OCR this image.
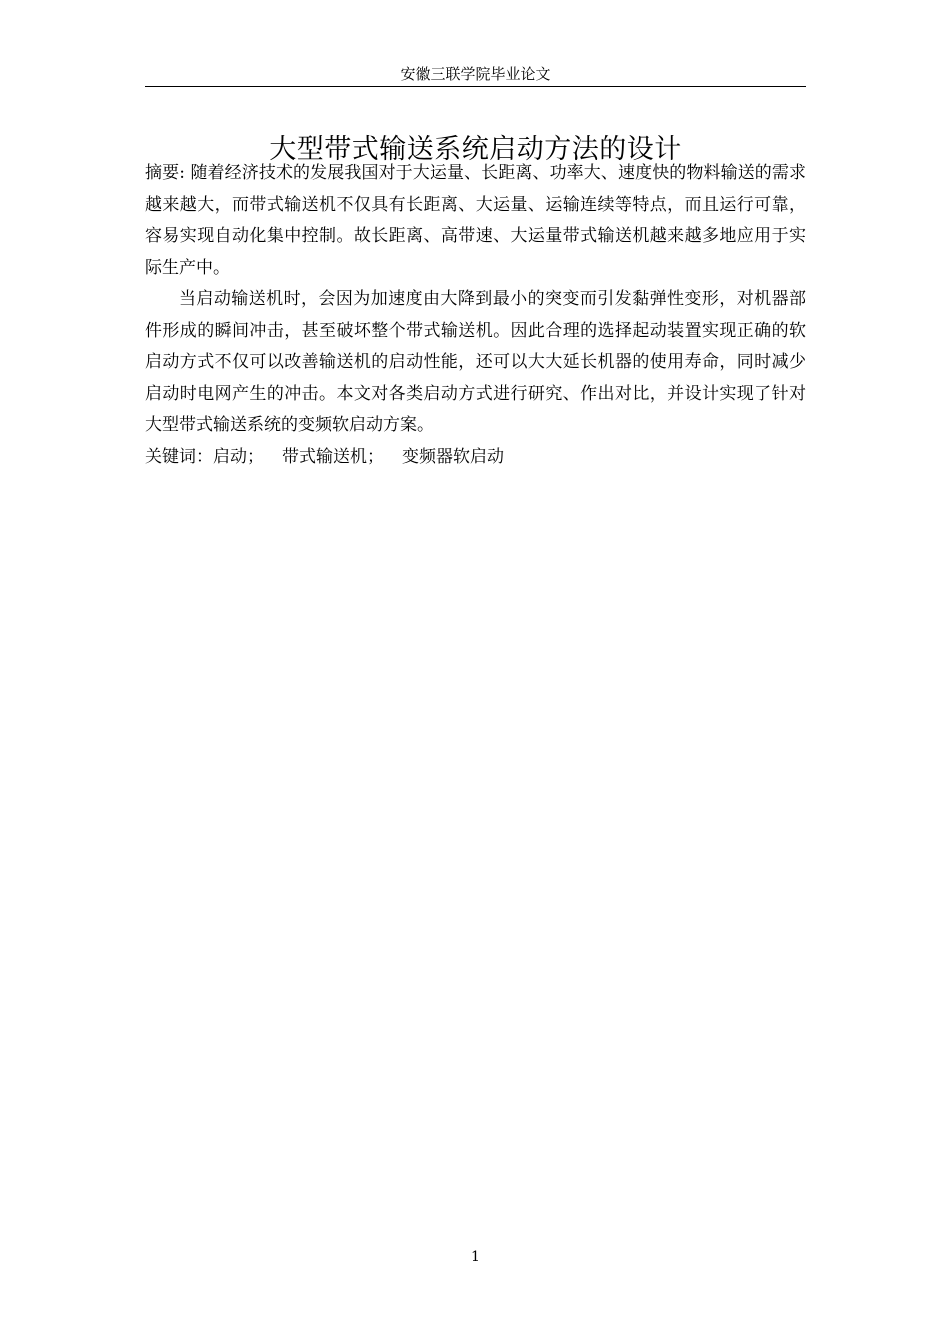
安徽三联学院毕业论文
大型带式输送系统启动方法的设计

摘要: 随着经济技术的发展我国对于大运量、长距离、功率大、速度快的物料输送的需求越来越大，而带式输送机不仅具有长距离、大运量、运输连续等特点，而且运行可靠，容易实现自动化集中控制。故长距离、高带速、大运量带式输送机越来越多地应用于实际生产中。

当启动输送机时，会因为加速度由大降到最小的突变而引发黏弹性变形，对机器部件形成的瞬间冲击，甚至破坏整个带式输送机。因此合理的选择起动装置实现正确的软启动方式不仅可以改善输送机的启动性能，还可以大大延长机器的使用寿命，同时减少启动时电网产生的冲击。本文对各类启动方式进行研究、作出对比，并设计实现了针对大型带式输送系统的变频软启动方案。

关键词：启动； 带式输送机； 变频器软启动

1
